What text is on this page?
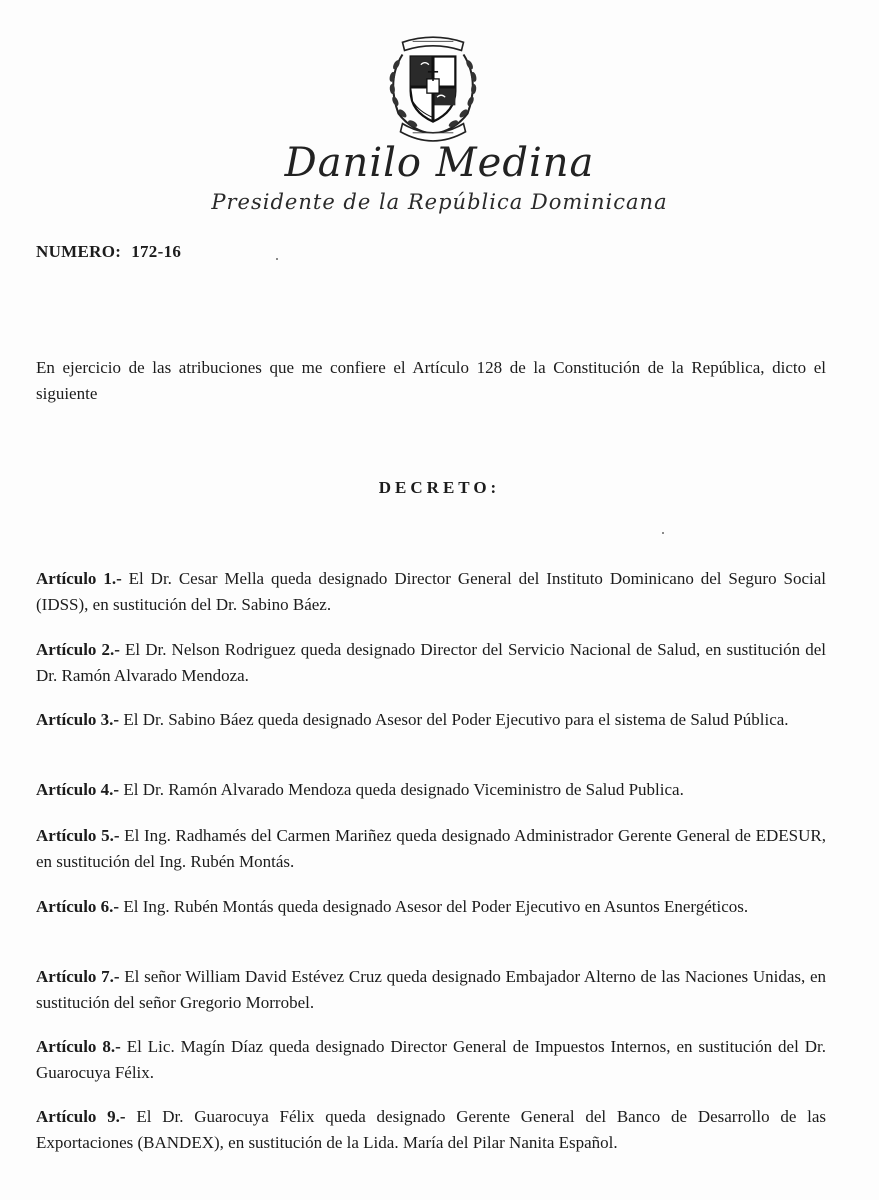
Danilo Medina
Presidente de la República Dominicana
NUMERO: 172-16
En ejercicio de las atribuciones que me confiere el Artículo 128 de la Constitución de la República, dicto el siguiente
DECRETO:
Artículo 1.- El Dr. Cesar Mella queda designado Director General del Instituto Dominicano del Seguro Social (IDSS), en sustitución del Dr. Sabino Báez.
Artículo 2.- El Dr. Nelson Rodriguez queda designado Director del Servicio Nacional de Salud, en sustitución del Dr. Ramón Alvarado Mendoza.
Artículo 3.- El Dr. Sabino Báez queda designado Asesor del Poder Ejecutivo para el sistema de Salud Pública.
Artículo 4.- El Dr. Ramón Alvarado Mendoza queda designado Viceministro de Salud Publica.
Artículo 5.- El Ing. Radhamés del Carmen Mariñez queda designado Administrador Gerente General de EDESUR, en sustitución del Ing. Rubén Montás.
Artículo 6.- El Ing. Rubén Montás queda designado Asesor del Poder Ejecutivo en Asuntos Energéticos.
Artículo 7.- El señor William David Estévez Cruz queda designado Embajador Alterno de las Naciones Unidas, en sustitución del señor Gregorio Morrobel.
Artículo 8.- El Lic. Magín Díaz queda designado Director General de Impuestos Internos, en sustitución del Dr. Guarocuya Félix.
Artículo 9.- El Dr. Guarocuya Félix queda designado Gerente General del Banco de Desarrollo de las Exportaciones (BANDEX), en sustitución de la Lida. María del Pilar Nanita Español.
